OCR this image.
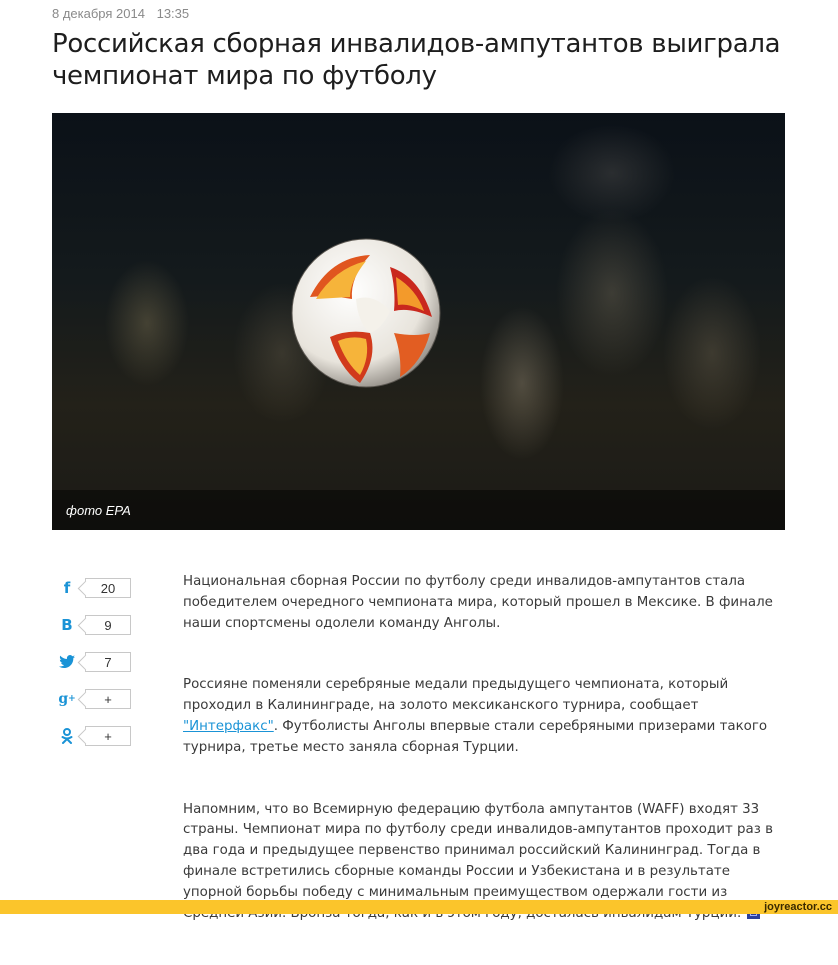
8 декабря 2014 13:35
Российская сборная инвалидов-ампутантов выиграла чемпионат мира по футболу
фото EPA
f	20
В 9
7
g + +
+

Национальная сборная России по футболу среди инвалидов-ампутантов стала победителем очередного чемпионата мира, который прошел в Мексике. В финале наши спортсмены одолели команду Анголы.

Россияне поменяли серебряные медали предыдущего чемпионата, который проходил в Калининграде, на золото мексиканского турнира, сообщает "Интерфакс". Футболисты Анголы впервые стали серебряными призерами такого турнира, третье место заняла сборная Турции.

Напомним, что во Всемирную федерацию футбола ампутантов (WAFF) входят 33 страны. Чемпионат мира по футболу среди инвалидов-ампутантов проходит раз в два года и предыдущее первенство принимал российский Калининград. Тогда в финале встретились сборные команды России и Узбекистана и в результате упорной борьбы победу с минимальным преимуществом одержали гости из

joyreactor.cc
